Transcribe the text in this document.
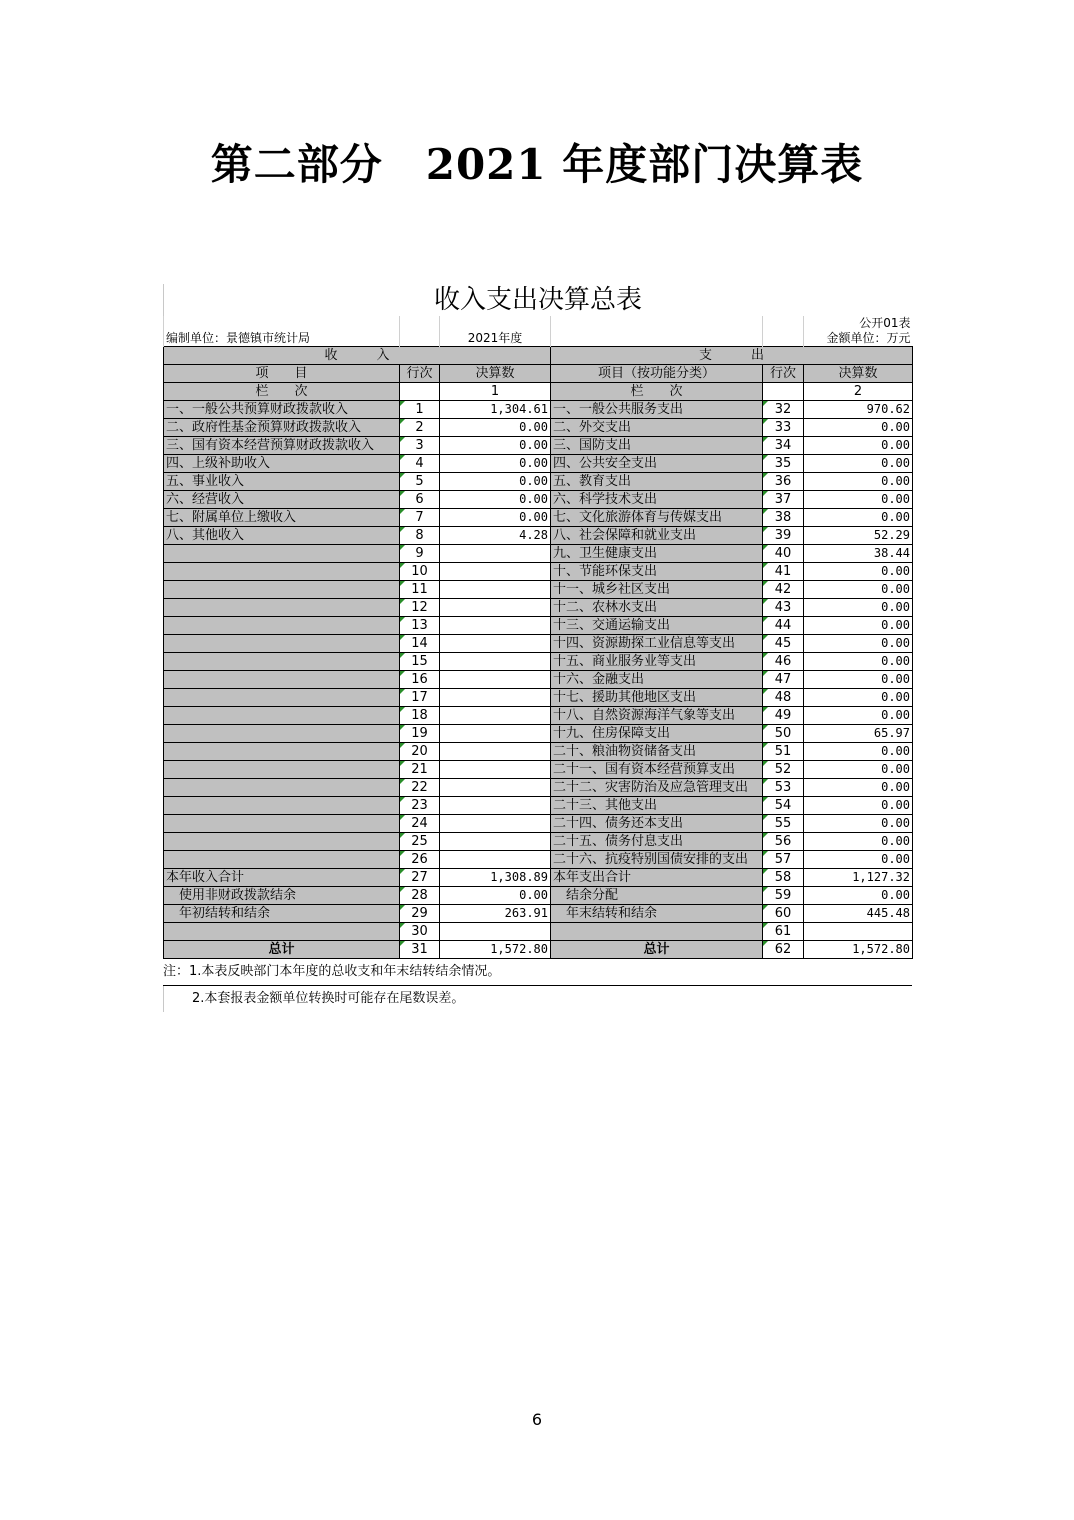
第二部分　2021 年度部门决算表
收入支出决算总表
					公开01表
编制单位：景德镇市统计局		2021年度			金额单位：万元
收　　　入			支　　　出		
项　　目	行次	决算数	项目（按功能分类）	行次	决算数
栏　　次		1	栏　　次		2
一、一般公共预算财政拨款收入	1	1,304.61	一、一般公共服务支出	32	970.62
二、政府性基金预算财政拨款收入	2	0.00	二、外交支出	33	0.00
三、国有资本经营预算财政拨款收入	3	0.00	三、国防支出	34	0.00
四、上级补助收入	4	0.00	四、公共安全支出	35	0.00
五、事业收入	5	0.00	五、教育支出	36	0.00
六、经营收入	6	0.00	六、科学技术支出	37	0.00
七、附属单位上缴收入	7	0.00	七、文化旅游体育与传媒支出	38	0.00
八、其他收入	8	4.28	八、社会保障和就业支出	39	52.29
	9		九、卫生健康支出	40	38.44
	10		十、节能环保支出	41	0.00
	11		十一、城乡社区支出	42	0.00
	12		十二、农林水支出	43	0.00
	13		十三、交通运输支出	44	0.00
	14		十四、资源勘探工业信息等支出	45	0.00
	15		十五、商业服务业等支出	46	0.00
	16		十六、金融支出	47	0.00
	17		十七、援助其他地区支出	48	0.00
	18		十八、自然资源海洋气象等支出	49	0.00
	19		十九、住房保障支出	50	65.97
	20		二十、粮油物资储备支出	51	0.00
	21		二十一、国有资本经营预算支出	52	0.00
	22		二十二、灾害防治及应急管理支出	53	0.00
	23		二十三、其他支出	54	0.00
	24		二十四、债务还本支出	55	0.00
	25		二十五、债务付息支出	56	0.00
	26		二十六、抗疫特别国债安排的支出	57	0.00
本年收入合计	27	1,308.89	本年支出合计	58	1,127.32
　使用非财政拨款结余	28	0.00	　结余分配	59	0.00
　年初结转和结余	29	263.91	　年末结转和结余	60	445.48
	30			61	
总计	31	1,572.80	总计	62	1,572.80
注：1.本表反映部门本年度的总收支和年末结转结余情况。
2.本套报表金额单位转换时可能存在尾数误差。
6
